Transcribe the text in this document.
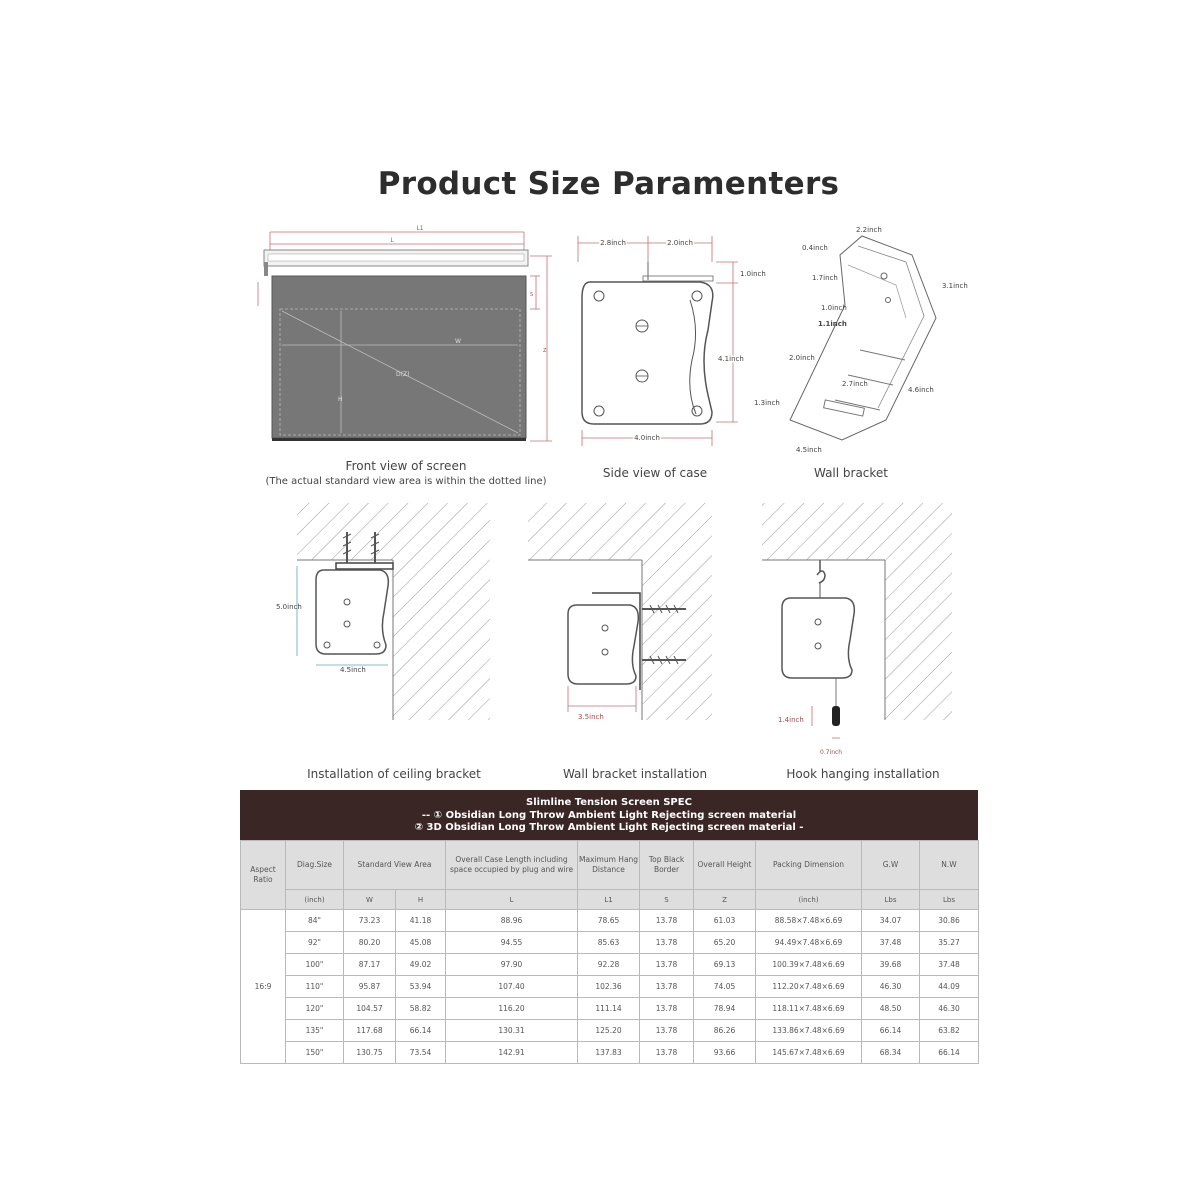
Product Size Paramenters
L1
L
W
H
D(Z)
S
Z
2.8inch	2.0inch
1.0inch
4.1inch
4.0inch
2.2inch
0.4inch
1.7inch
3.1inch
1.0inch
1.1inch
2.0inch
2.7inch
4.6inch
1.3inch
4.5inch
5.0inch
4.5inch
3.5inch	1.4inch
0.7inch
Front view of screen
(The actual standard view area is within the dotted line)
Side view of case	Wall bracket
Installation of ceiling bracket	Wall bracket installation	Hook hanging installation
Slimline Tension Screen SPEC
-- ① Obsidian Long Throw Ambient Light Rejecting screen material
② 3D Obsidian Long Throw Ambient Light Rejecting screen material -
Aspect Ratio	Diag.Size	Standard View Area		Overall Case Length including space occupied by plug and wire	Maximum Hang Distance	Top Black Border	Overall Height	Packing Dimension	G.W	N.W
	(inch)	W	H	L	L1	S	Z	(inch)	Lbs	Lbs
16:9	84"	73.23	41.18	88.96	78.65	13.78	61.03	88.58×7.48×6.69	34.07	30.86
	92"	80.20	45.08	94.55	85.63	13.78	65.20	94.49×7.48×6.69	37.48	35.27
	100"	87.17	49.02	97.90	92.28	13.78	69.13	100.39×7.48×6.69	39.68	37.48
	110"	95.87	53.94	107.40	102.36	13.78	74.05	112.20×7.48×6.69	46.30	44.09
	120"	104.57	58.82	116.20	111.14	13.78	78.94	118.11×7.48×6.69	48.50	46.30
	135"	117.68	66.14	130.31	125.20	13.78	86.26	133.86×7.48×6.69	66.14	63.82
	150"	130.75	73.54	142.91	137.83	13.78	93.66	145.67×7.48×6.69	68.34	66.14
